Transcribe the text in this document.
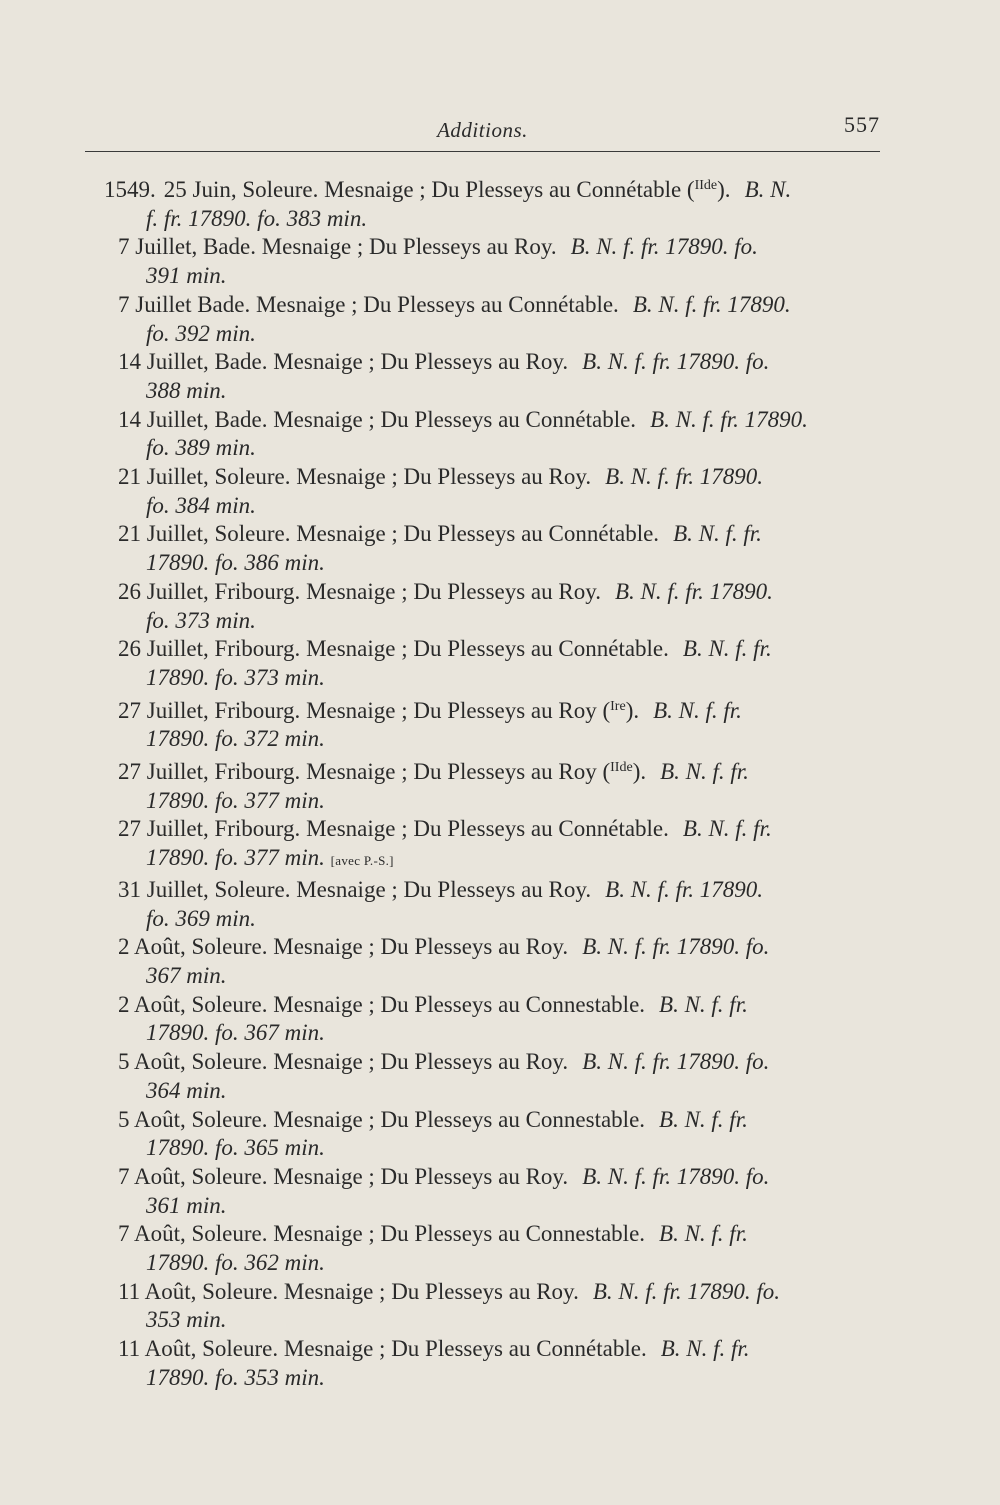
Additions.	557
1549. 25 Juin, Soleure. Mesnaige ; Du Plesseys au Connétable ($^{IIde}$). B. N.
f. fr. 17890. fo. 383 min.
7 Juillet, Bade. Mesnaige ; Du Plesseys au Roy. B. N. f. fr. 17890. fo.
391 min.
7 Juillet Bade. Mesnaige ; Du Plesseys au Connétable. B. N. f. fr. 17890.
fo. 392 min.
14 Juillet, Bade. Mesnaige ; Du Plesseys au Roy. B. N. f. fr. 17890. fo.
388 min.
14 Juillet, Bade. Mesnaige ; Du Plesseys au Connétable. B. N. f. fr. 17890.
fo. 389 min.
21 Juillet, Soleure. Mesnaige ; Du Plesseys au Roy. B. N. f. fr. 17890.
fo. 384 min.
21 Juillet, Soleure. Mesnaige ; Du Plesseys au Connétable. B. N. f. fr.
17890. fo. 386 min.
26 Juillet, Fribourg. Mesnaige ; Du Plesseys au Roy. B. N. f. fr. 17890.
fo. 373 min.
26 Juillet, Fribourg. Mesnaige ; Du Plesseys au Connétable. B. N. f. fr.
17890. fo. 373 min.
27 Juillet, Fribourg. Mesnaige ; Du Plesseys au Roy ($^{Ire}$). B. N. f. fr.
17890. fo. 372 min.
27 Juillet, Fribourg. Mesnaige ; Du Plesseys au Roy ($^{IIde}$). B. N. f. fr.
17890. fo. 377 min.
27 Juillet, Fribourg. Mesnaige ; Du Plesseys au Connétable. B. N. f. fr.
17890. fo. 377 min. [avec P.-S.]
31 Juillet, Soleure. Mesnaige ; Du Plesseys au Roy. B. N. f. fr. 17890.
fo. 369 min.
2 Août, Soleure. Mesnaige ; Du Plesseys au Roy. B. N. f. fr. 17890. fo.
367 min.
2 Août, Soleure. Mesnaige ; Du Plesseys au Connestable. B. N. f. fr.
17890. fo. 367 min.
5 Août, Soleure. Mesnaige ; Du Plesseys au Roy. B. N. f. fr. 17890. fo.
364 min.
5 Août, Soleure. Mesnaige ; Du Plesseys au Connestable. B. N. f. fr.
17890. fo. 365 min.
7 Août, Soleure. Mesnaige ; Du Plesseys au Roy. B. N. f. fr. 17890. fo.
361 min.
7 Août, Soleure. Mesnaige ; Du Plesseys au Connestable. B. N. f. fr.
17890. fo. 362 min.
11 Août, Soleure. Mesnaige ; Du Plesseys au Roy. B. N. f. fr. 17890. fo.
353 min.
11 Août, Soleure. Mesnaige ; Du Plesseys au Connétable. B. N. f. fr.
17890. fo. 353 min.
